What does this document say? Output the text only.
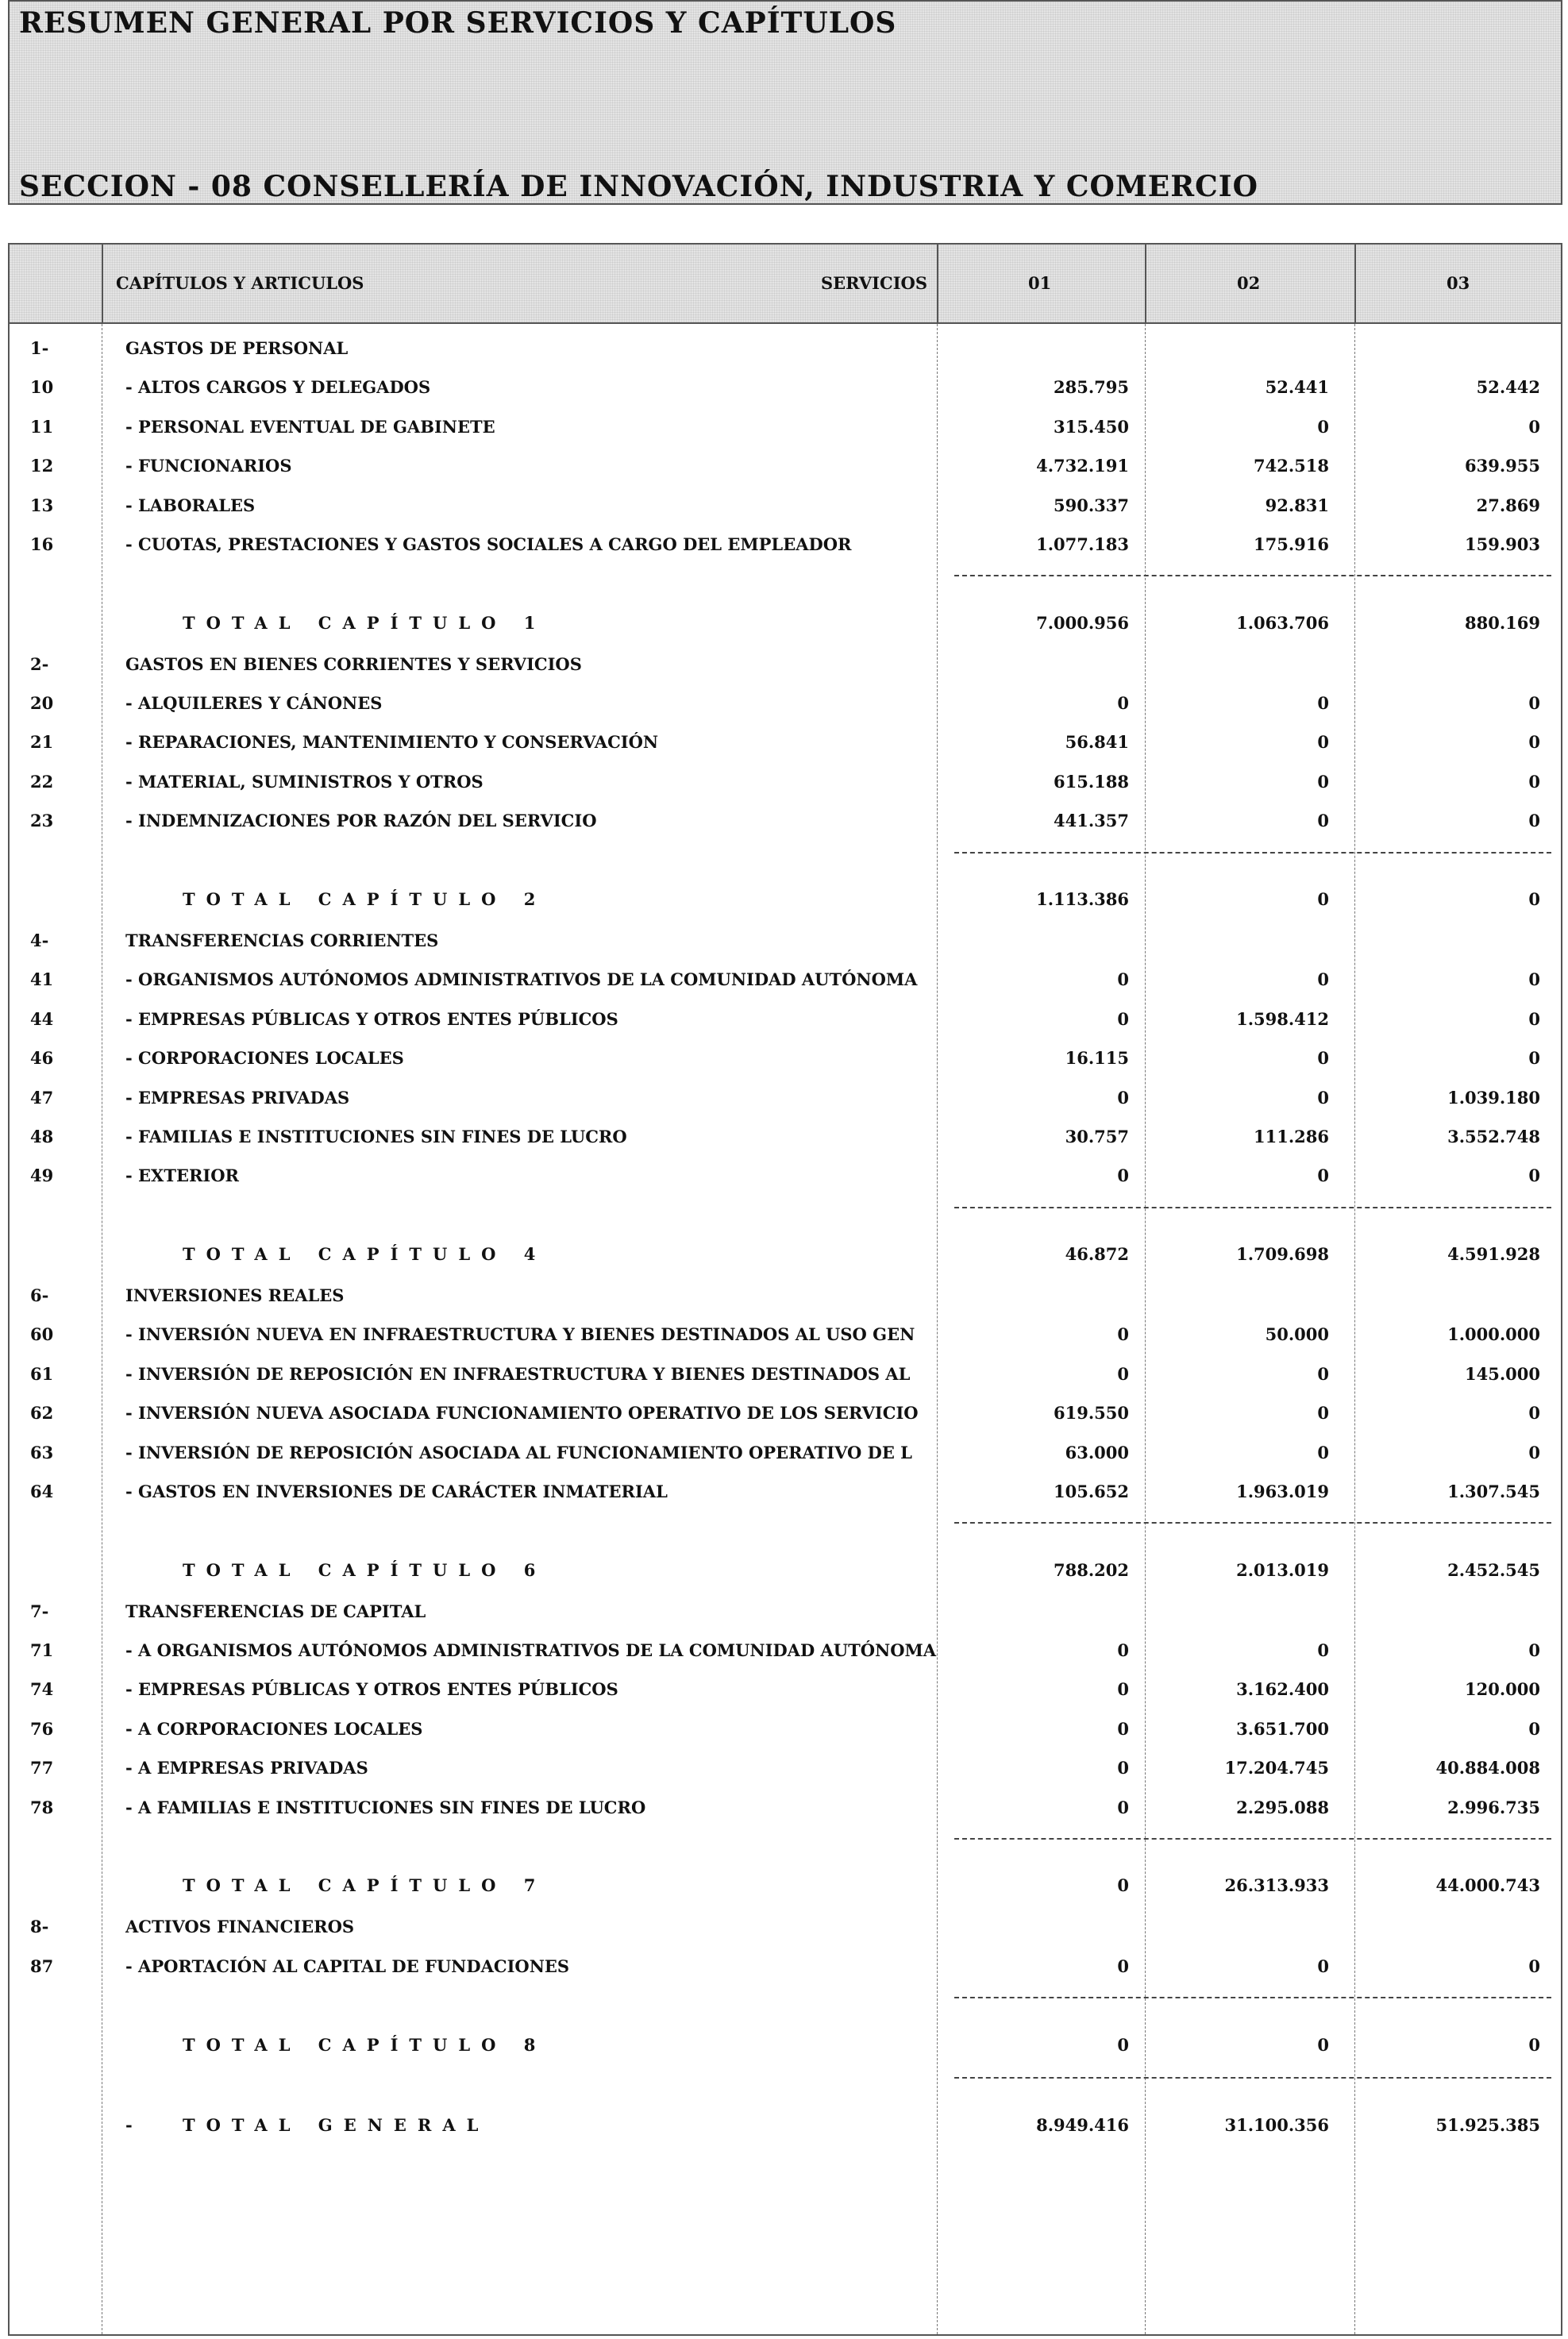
RESUMEN GENERAL POR SERVICIOS Y CAPÍTULOS
SECCION - 08 CONSELLERÍA DE INNOVACIÓN, INDUSTRIA Y COMERCIO
CAPÍTULOS Y ARTICULOS	SERVICIOS	01	02	03
1-	GASTOS DE PERSONAL
10	- ALTOS CARGOS Y DELEGADOS	285.795	52.441	52.442
11	- PERSONAL EVENTUAL DE GABINETE	315.450	0	0
12	- FUNCIONARIOS	4.732.191	742.518	639.955
13	- LABORALES	590.337	92.831	27.869
16	- CUOTAS, PRESTACIONES Y GASTOS SOCIALES A CARGO DEL EMPLEADOR	1.077.183	175.916	159.903
TOTAL CAPÍTULO 1	7.000.956	1.063.706	880.169
2-	GASTOS EN BIENES CORRIENTES Y SERVICIOS
20	- ALQUILERES Y CÁNONES	0	0	0
21	- REPARACIONES, MANTENIMIENTO Y CONSERVACIÓN	56.841	0	0
22	- MATERIAL, SUMINISTROS Y OTROS	615.188	0	0
23	- INDEMNIZACIONES POR RAZÓN DEL SERVICIO	441.357	0	0
TOTAL CAPÍTULO 2	1.113.386	0	0
4-	TRANSFERENCIAS CORRIENTES
41	- ORGANISMOS AUTÓNOMOS ADMINISTRATIVOS DE LA COMUNIDAD AUTÓNOMA	0	0	0
44	- EMPRESAS PÚBLICAS Y OTROS ENTES PÚBLICOS	0	1.598.412	0
46	- CORPORACIONES LOCALES	16.115	0	0
47	- EMPRESAS PRIVADAS	0	0	1.039.180
48	- FAMILIAS E INSTITUCIONES SIN FINES DE LUCRO	30.757	111.286	3.552.748
49	- EXTERIOR	0	0	0
TOTAL CAPÍTULO 4	46.872	1.709.698	4.591.928
6-	INVERSIONES REALES
60	- INVERSIÓN NUEVA EN INFRAESTRUCTURA Y BIENES DESTINADOS AL USO GEN	0	50.000	1.000.000
61	- INVERSIÓN DE REPOSICIÓN EN INFRAESTRUCTURA Y BIENES DESTINADOS AL	0	0	145.000
62	- INVERSIÓN NUEVA ASOCIADA FUNCIONAMIENTO OPERATIVO DE LOS SERVICIO	619.550	0	0
63	- INVERSIÓN DE REPOSICIÓN ASOCIADA AL FUNCIONAMIENTO OPERATIVO DE L	63.000	0	0
64	- GASTOS EN INVERSIONES DE CARÁCTER INMATERIAL	105.652	1.963.019	1.307.545
TOTAL CAPÍTULO 6	788.202	2.013.019	2.452.545
7-	TRANSFERENCIAS DE CAPITAL
71	- A ORGANISMOS AUTÓNOMOS ADMINISTRATIVOS DE LA COMUNIDAD AUTÓNOMA	0	0	0
74	- EMPRESAS PÚBLICAS Y OTROS ENTES PÚBLICOS	0	3.162.400	120.000
76	- A CORPORACIONES LOCALES	0	3.651.700	0
77	- A EMPRESAS PRIVADAS	0	17.204.745	40.884.008
78	- A FAMILIAS E INSTITUCIONES SIN FINES DE LUCRO	0	2.295.088	2.996.735
TOTAL CAPÍTULO 7	0	26.313.933	44.000.743
8-	ACTIVOS FINANCIEROS
87	- APORTACIÓN AL CAPITAL DE FUNDACIONES	0	0	0
TOTAL CAPÍTULO 8	0	0	0
-	TOTAL GENERAL	8.949.416	31.100.356	51.925.385
